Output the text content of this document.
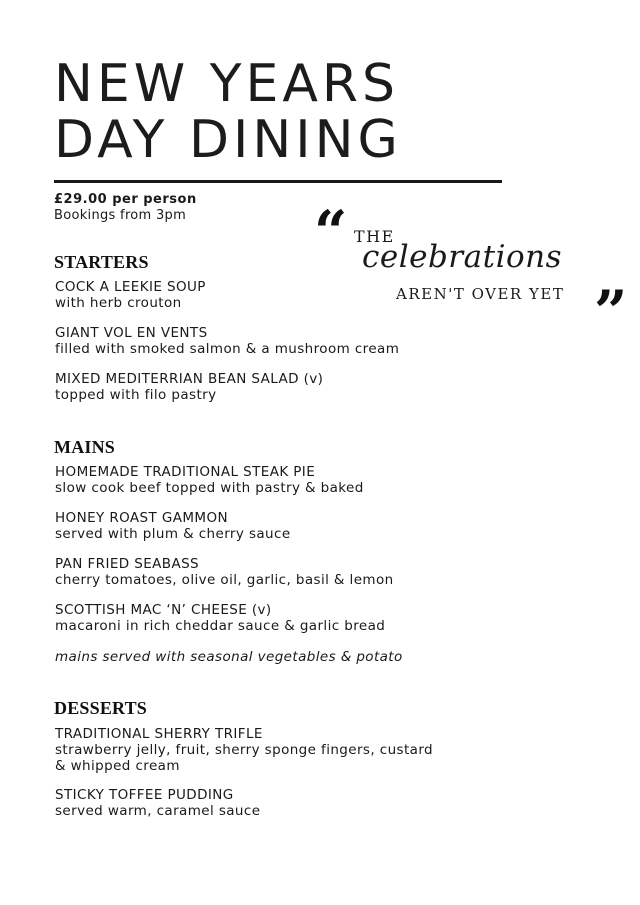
NEW YEARS
DAY DINING
£29.00 per person
Bookings from 3pm “ THE
celebrations
AREN'T OVER YET ”
STARTERS
COCK A LEEKIE SOUP
with herb crouton
GIANT VOL EN VENTS
filled with smoked salmon & a mushroom cream
MIXED MEDITERRIAN BEAN SALAD (v)
topped with filo pastry
MAINS
HOMEMADE TRADITIONAL STEAK PIE
slow cook beef topped with pastry & baked
HONEY ROAST GAMMON
served with plum & cherry sauce
PAN FRIED SEABASS
cherry tomatoes, olive oil, garlic, basil & lemon
SCOTTISH MAC ‘N’ CHEESE (v)
macaroni in rich cheddar sauce & garlic bread
mains served with seasonal vegetables & potato
DESSERTS
TRADITIONAL SHERRY TRIFLE
strawberry jelly, fruit, sherry sponge fingers, custard
& whipped cream
STICKY TOFFEE PUDDING
served warm, caramel sauce
